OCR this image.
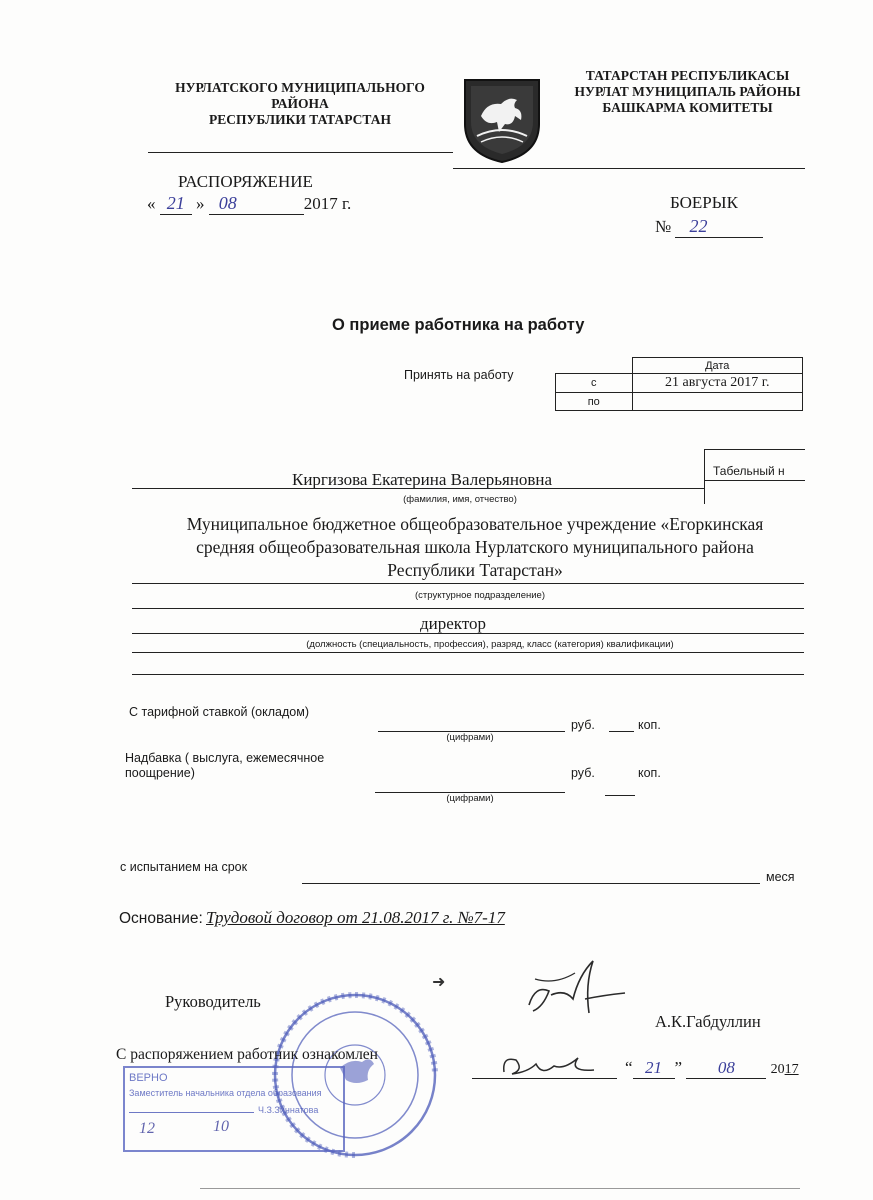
НУРЛАТСКОГО МУНИЦИПАЛЬНОГО
РАЙОНА
РЕСПУБЛИКИ ТАТАРСТАН
ТАТАРСТАН РЕСПУБЛИКАСЫ
НУРЛАТ МУНИЦИПАЛЬ РАЙОНЫ
БАШКАРМА КОМИТЕТЫ
РАСПОРЯЖЕНИЕ
« 21 » 08	2017 г.	БОЕРЫК
№ 22
О приеме работника на работу
Принять на работу
	Дата
с	21 августа 2017 г.
по	
Табельный н
Киргизова Екатерина Валерьяновна
(фамилия, имя, отчество)
Муниципальное бюджетное общеобразовательное учреждение «Егоркинская
средняя общеобразовательная школа Нурлатского муниципального района
Республики Татарстан»
(структурное подразделение)
директор
(должность (специальность, профессия), разряд, класс (категория) квалификации)
С тарифной ставкой (окладом)
руб.	коп.
(цифрами)
Надбавка ( выслуга, ежемесячное
поощрение)	руб.	коп.
(цифрами)
с испытанием на срок
меся
Основание: Трудовой договор от 21.08.2017 г. №7-17
➜
Руководитель
А.К.Габдуллин
С распоряжением работник ознакомлен
“ 21 ” 08	2017
ВЕРНО
Заместитель начальника отдела образования
Ч.З.Зиннатова
12	10
